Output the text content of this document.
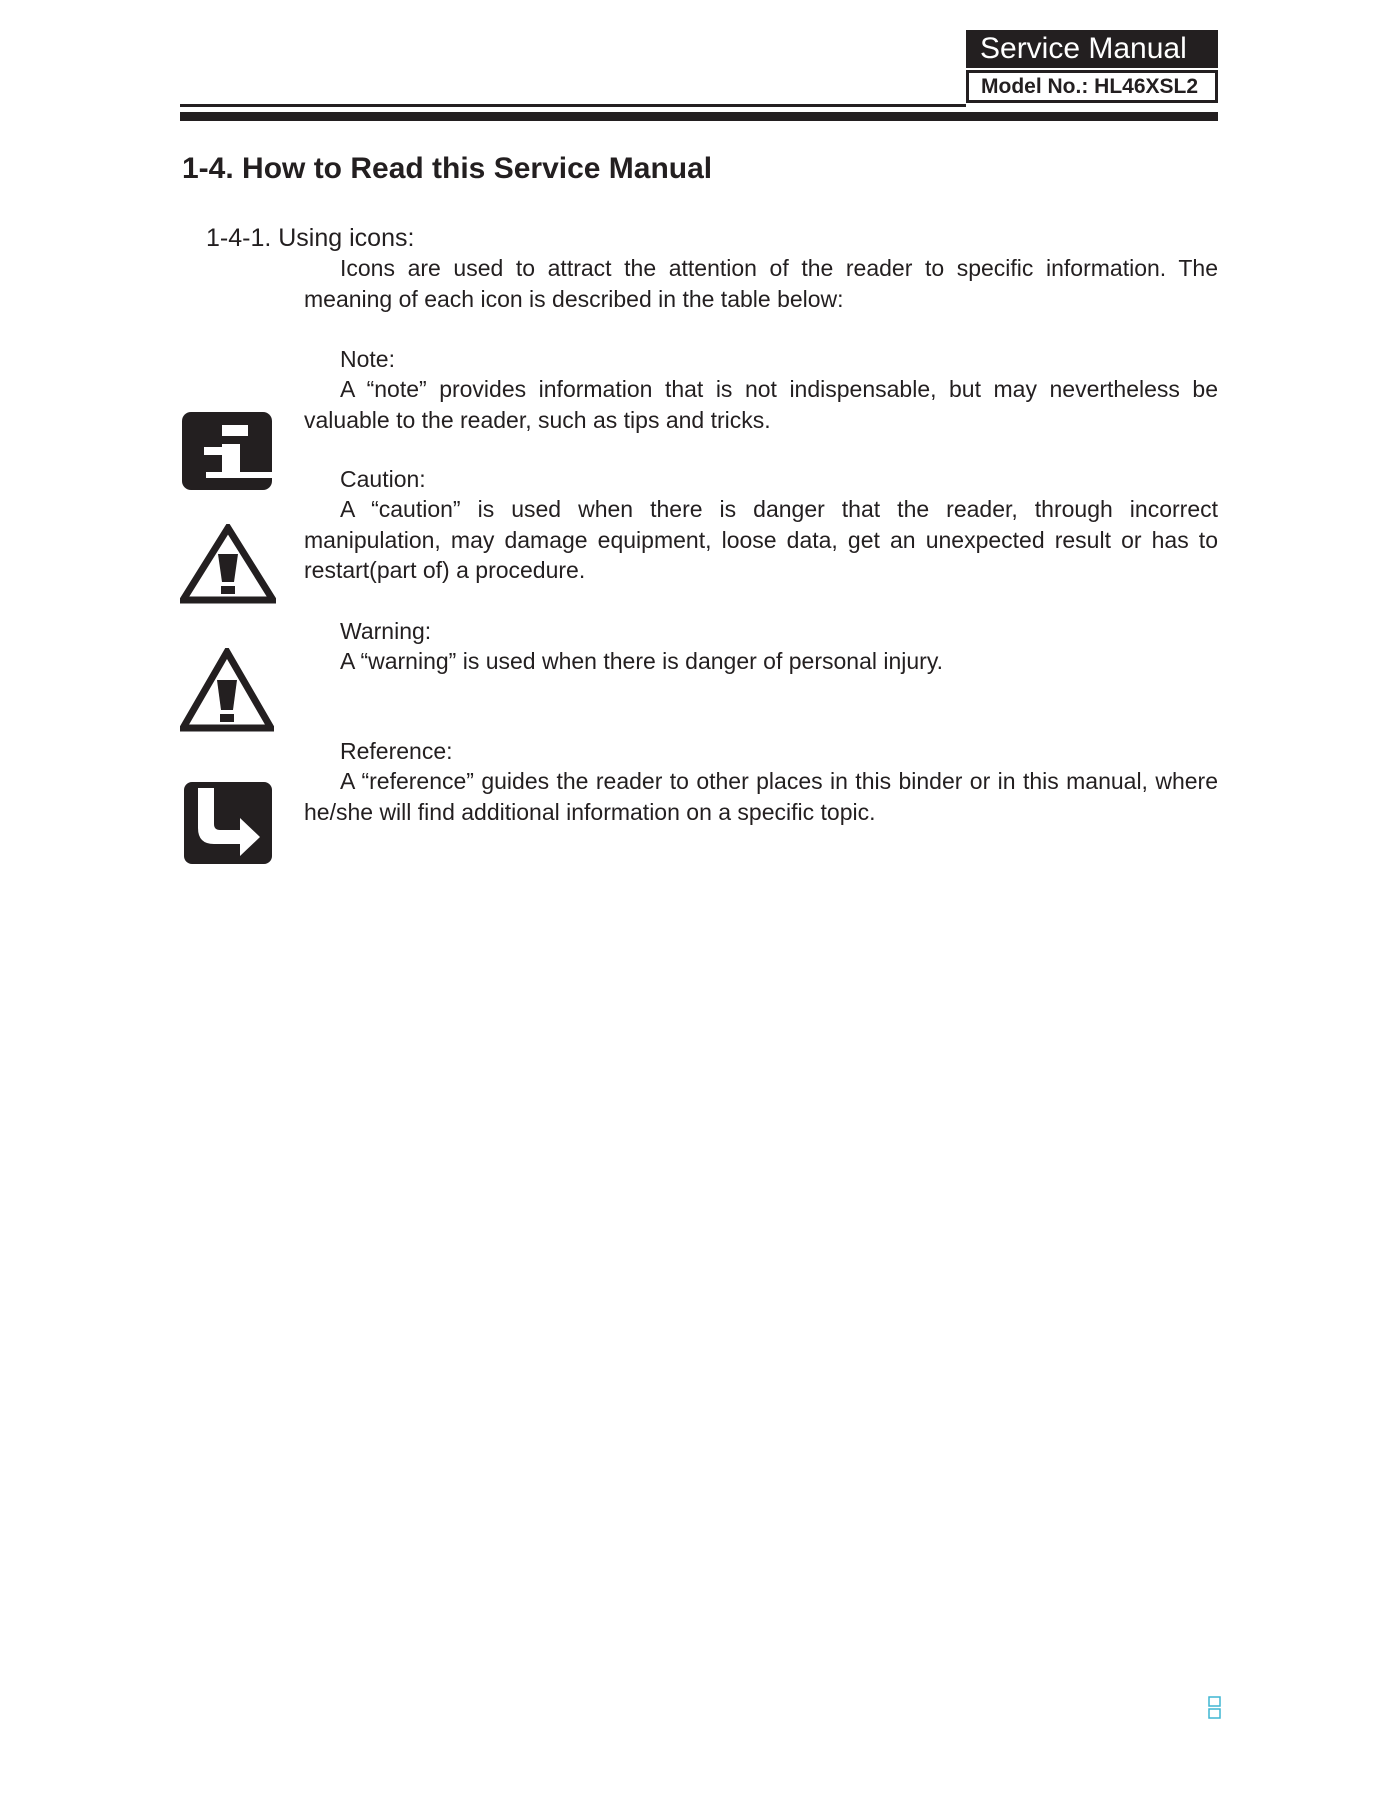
Service Manual
Model No.: HL46XSL2
1-4. How to Read this Service Manual
1-4-1. Using icons:
Icons are used to attract the attention of the reader to specific information. The meaning of each icon is described in the table below:
Note:
A “note” provides information that is not indispensable, but may nevertheless be valuable to the reader, such as tips and tricks.
Caution:
A “caution” is used when there is danger that the reader, through incorrect manipulation, may damage equipment, loose data, get an unexpected result or has to restart(part of) a procedure.
Warning:
A “warning” is used when there is danger of personal injury.
Reference:
A “reference” guides the reader to other places in this binder or in this manual, where he/she will find additional information on a specific topic.
